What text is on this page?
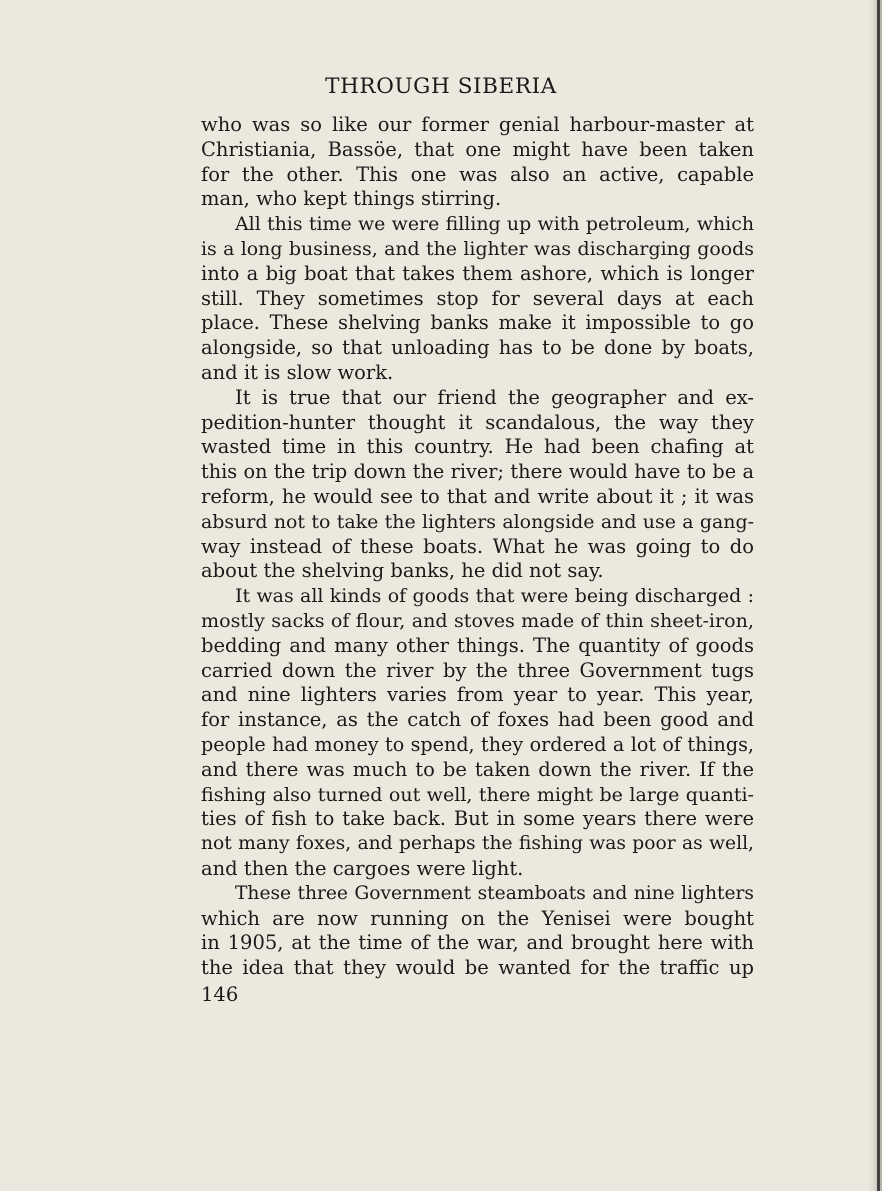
THROUGH SIBERIA
who was so like our former genial harbour-master at
Christiania, Bassöe, that one might have been taken
for the other. This one was also an active, capable
man, who kept things stirring.
All this time we were filling up with petroleum, which
is a long business, and the lighter was discharging goods
into a big boat that takes them ashore, which is longer
still. They sometimes stop for several days at each
place. These shelving banks make it impossible to go
alongside, so that unloading has to be done by boats,
and it is slow work.
It is true that our friend the geographer and ex-
pedition-hunter thought it scandalous, the way they
wasted time in this country. He had been chafing at
this on the trip down the river; there would have to be a
reform, he would see to that and write about it ; it was
absurd not to take the lighters alongside and use a gang-
way instead of these boats. What he was going to do
about the shelving banks, he did not say.
It was all kinds of goods that were being discharged :
mostly sacks of flour, and stoves made of thin sheet-iron,
bedding and many other things. The quantity of goods
carried down the river by the three Government tugs
and nine lighters varies from year to year. This year,
for instance, as the catch of foxes had been good and
people had money to spend, they ordered a lot of things,
and there was much to be taken down the river. If the
fishing also turned out well, there might be large quanti-
ties of fish to take back. But in some years there were
not many foxes, and perhaps the fishing was poor as well,
and then the cargoes were light.
These three Government steamboats and nine lighters
which are now running on the Yenisei were bought
in 1905, at the time of the war, and brought here with
the idea that they would be wanted for the traffic up
146
